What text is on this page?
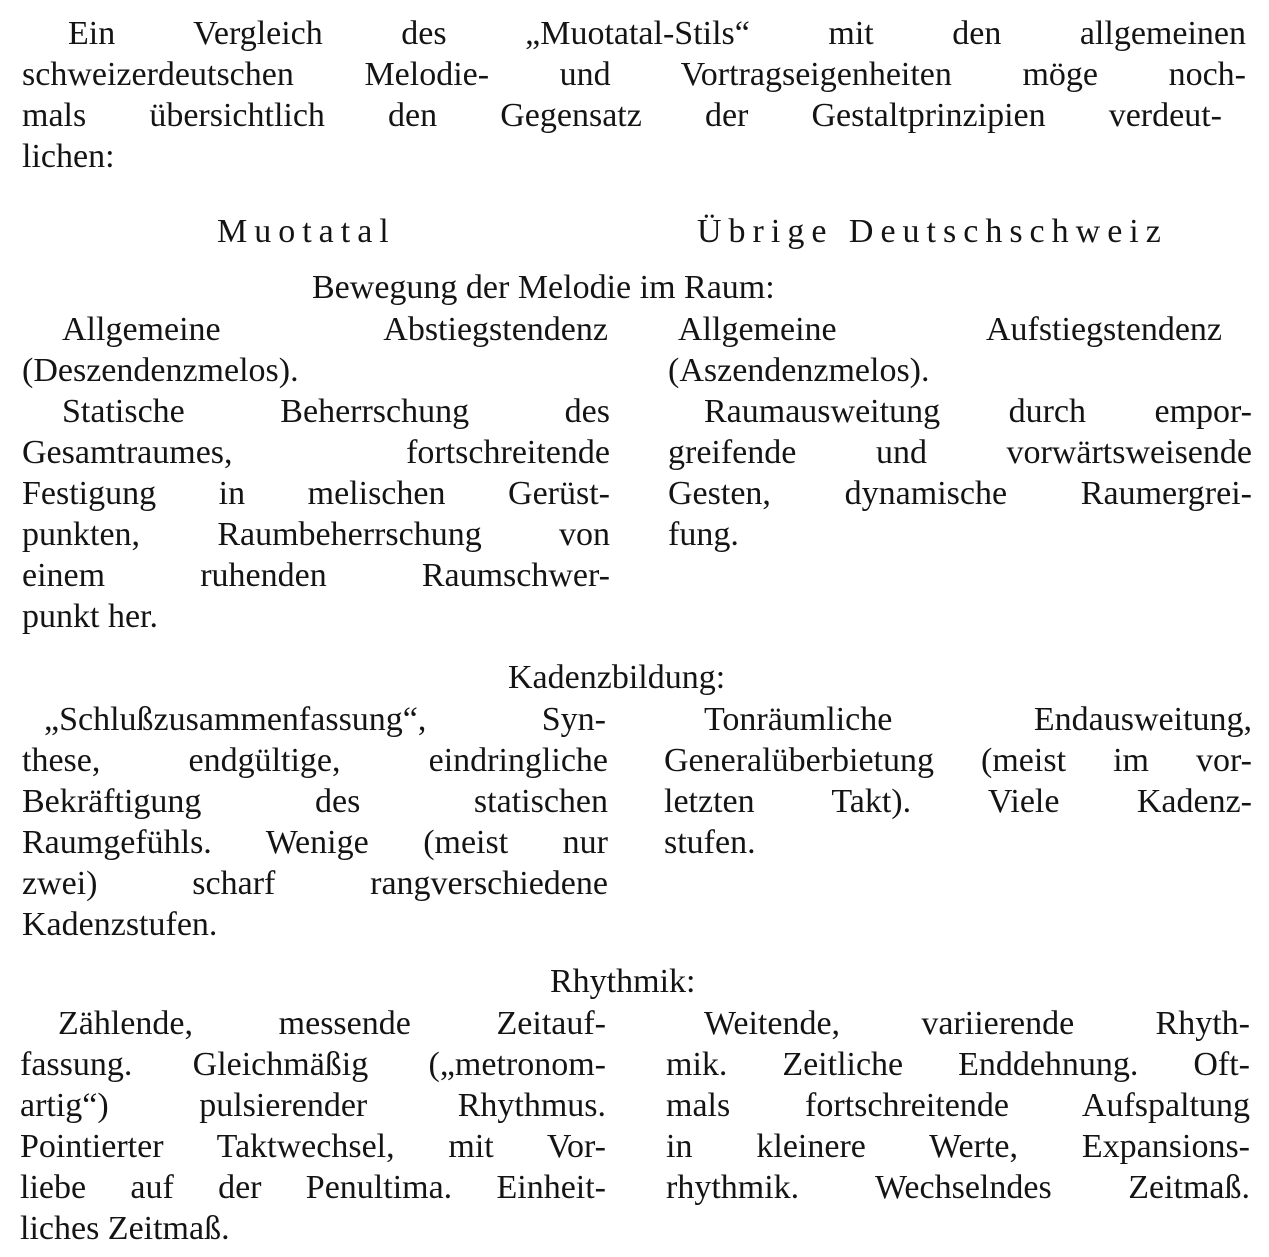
Ein Vergleich des „Muotatal-Stils“ mit den allgemeinen
schweizerdeutschen Melodie- und Vortragseigenheiten möge noch-
mals übersichtlich den Gegensatz der Gestaltprinzipien verdeut-
lichen:
Muotatal	Übrige Deutschschweiz
Bewegung der Melodie im Raum:
Allgemeine Abstiegstendenz
(Deszendenzmelos).
Statische Beherrschung des
Gesamtraumes, fortschreitende
Festigung in melischen Gerüst-
punkten, Raumbeherrschung von
einem ruhenden Raumschwer-
punkt her.
Allgemeine Aufstiegstendenz
(Aszendenzmelos).
Raumausweitung durch empor-
greifende und vorwärtsweisende
Gesten, dynamische Raumergrei-
fung.
Kadenzbildung:
„Schlußzusammenfassung“, Syn-
these, endgültige, eindringliche
Bekräftigung des statischen
Raumgefühls. Wenige (meist nur
zwei) scharf rangverschiedene
Kadenzstufen.
Tonräumliche Endausweitung,
Generalüberbietung (meist im vor-
letzten Takt). Viele Kadenz-
stufen.
Rhythmik:
Zählende, messende Zeitauf-
fassung. Gleichmäßig („metronom-
artig“) pulsierender Rhythmus.
Pointierter Taktwechsel, mit Vor-
liebe auf der Penultima. Einheit-
liches Zeitmaß.
Weitende, variierende Rhyth-
mik. Zeitliche Enddehnung. Oft-
mals fortschreitende Aufspaltung
in kleinere Werte, Expansions-
rhythmik. Wechselndes Zeitmaß.
